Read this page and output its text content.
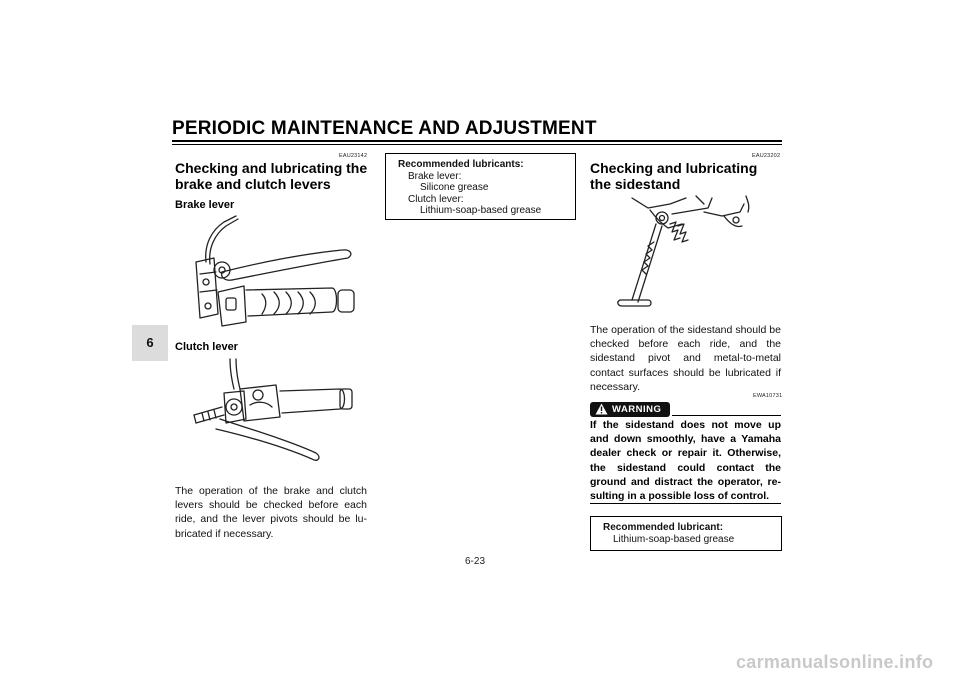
PERIODIC MAINTENANCE AND ADJUSTMENT
6
EAU23142
Checking and lubricating the brake and clutch levers
Brake lever
Clutch lever
The operation of the brake and clutch levers should be checked before each ride, and the lever pivots should be lu-bricated if necessary.
Recommended lubricants:
Brake lever:
Silicone grease
Clutch lever:
Lithium-soap-based grease
EAU23202
Checking and lubricating the sidestand
The operation of the sidestand should be checked before each ride, and the sidestand pivot and metal-to-metal contact surfaces should be lubricated if necessary.
EWA10731
WARNING
If the sidestand does not move up and down smoothly, have a Yamaha dealer check or repair it. Otherwise, the sidestand could contact the ground and distract the operator, re-sulting in a possible loss of control.
Recommended lubricant:
Lithium-soap-based grease
6-23
carmanualsonline.info
